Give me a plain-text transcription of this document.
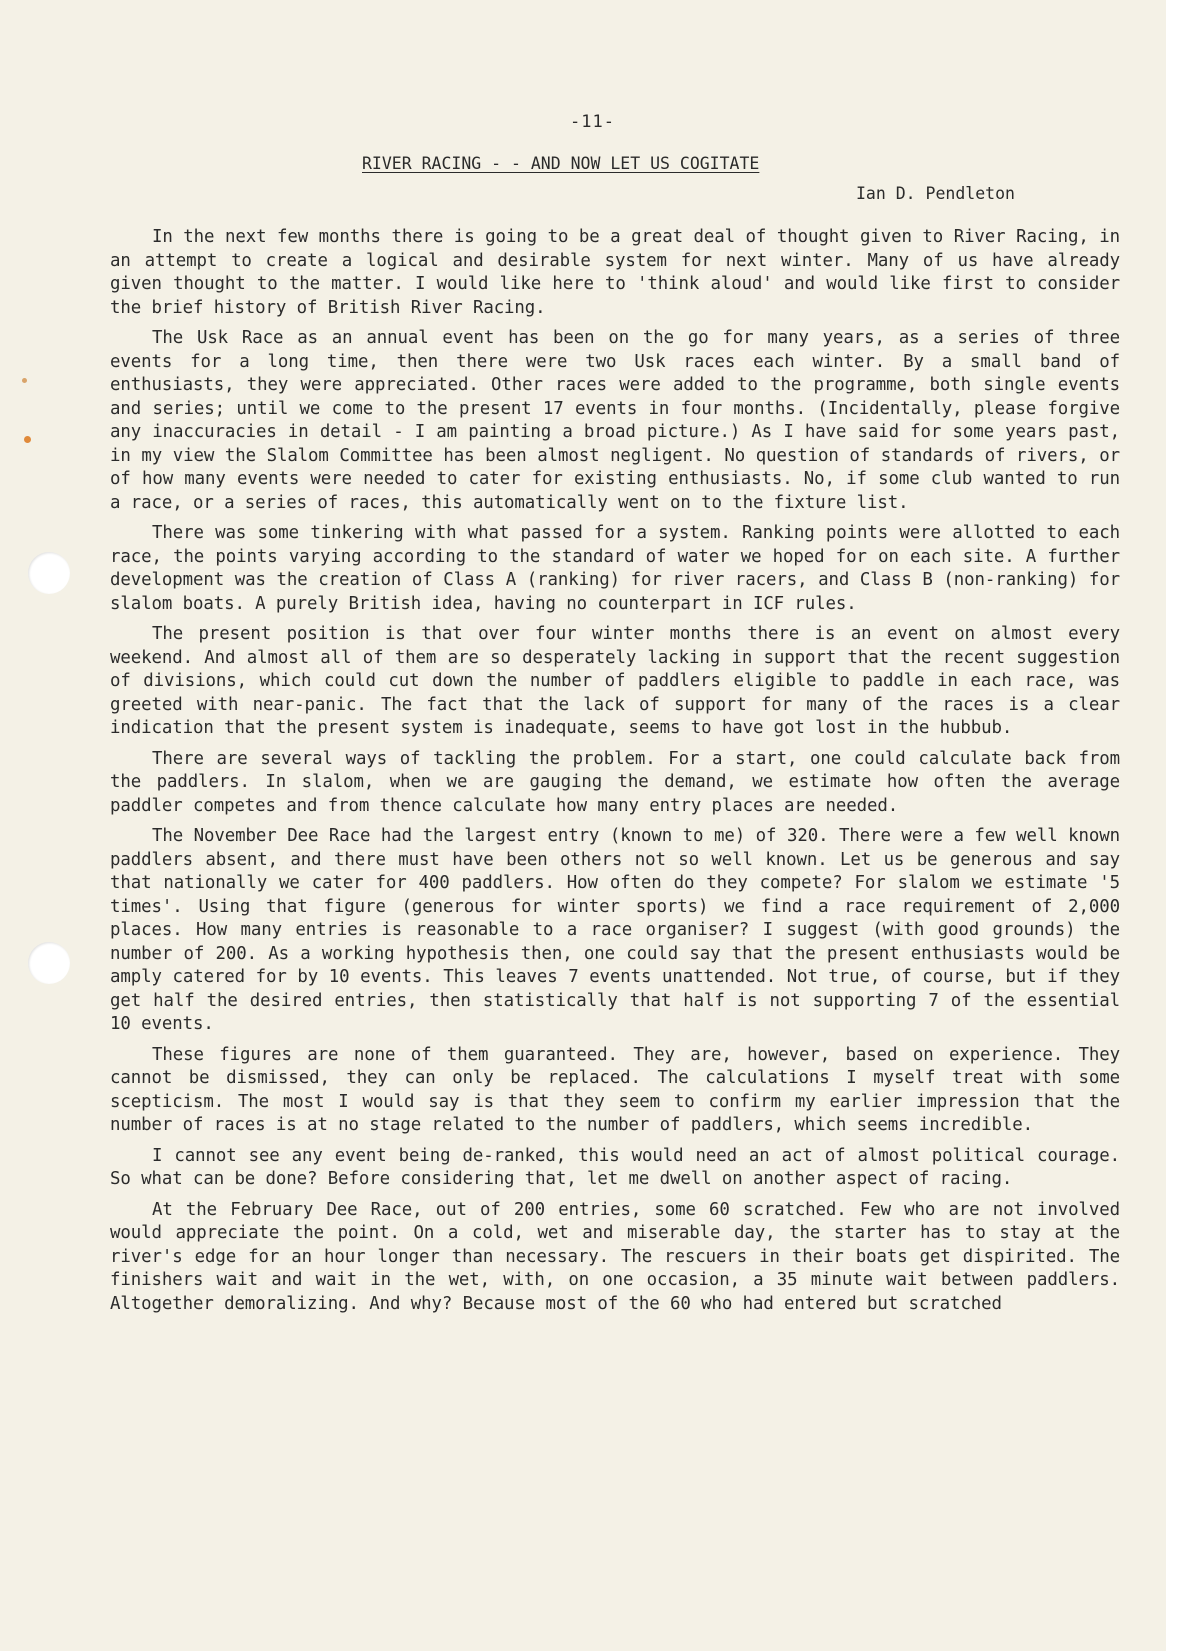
-11-
RIVER RACING - - AND NOW LET US COGITATE
Ian D. Pendleton

In the next few months there is going to be a great deal of thought given to River Racing, in an attempt to create a logical and desirable system for next winter. Many of us have already given thought to the matter. I would like here to 'think aloud' and would like first to consider the brief history of British River Racing.

The Usk Race as an annual event has been on the go for many years, as a series of three events for a long time, then there were two Usk races each winter. By a small band of enthusiasts, they were appreciated. Other races were added to the programme, both single events and series; until we come to the present 17 events in four months. (Incidentally, please forgive any inaccuracies in detail - I am painting a broad picture.) As I have said for some years past, in my view the Slalom Committee has been almost negligent. No question of standards of rivers, or of how many events were needed to cater for existing enthusiasts. No, if some club wanted to run a race, or a series of races, this automatically went on to the fixture list.

There was some tinkering with what passed for a system. Ranking points were allotted to each race, the points varying according to the standard of water we hoped for on each site. A further development was the creation of Class A (ranking) for river racers, and Class B (non-ranking) for slalom boats. A purely British idea, having no counterpart in ICF rules.

The present position is that over four winter months there is an event on almost every weekend. And almost all of them are so desperately lacking in support that the recent suggestion of divisions, which could cut down the number of paddlers eligible to paddle in each race, was greeted with near-panic. The fact that the lack of support for many of the races is a clear indication that the present system is inadequate, seems to have got lost in the hubbub.

There are several ways of tackling the problem. For a start, one could calculate back from the paddlers. In slalom, when we are gauging the demand, we estimate how often the average paddler competes and from thence calculate how many entry places are needed.

The November Dee Race had the largest entry (known to me) of 320. There were a few well known paddlers absent, and there must have been others not so well known. Let us be generous and say that nationally we cater for 400 paddlers. How often do they compete? For slalom we estimate '5 times'. Using that figure (generous for winter sports) we find a race requirement of 2,000 places. How many entries is reasonable to a race organiser? I suggest (with good grounds) the number of 200. As a working hypothesis then, one could say that the present enthusiasts would be amply catered for by 10 events. This leaves 7 events unattended. Not true, of course, but if they get half the desired entries, then statistically that half is not supporting 7 of the essential 10 events.

These figures are none of them guaranteed. They are, however, based on experience. They cannot be dismissed, they can only be replaced. The calculations I myself treat with some scepticism. The most I would say is that they seem to confirm my earlier impression that the number of races is at no stage related to the number of paddlers, which seems incredible.

I cannot see any event being de-ranked, this would need an act of almost political courage. So what can be done? Before considering that, let me dwell on another aspect of racing.

At the February Dee Race, out of 200 entries, some 60 scratched. Few who are not involved would appreciate the point. On a cold, wet and miserable day, the starter has to stay at the river's edge for an hour longer than necessary. The rescuers in their boats get dispirited. The finishers wait and wait in the wet, with, on one occasion, a 35 minute wait between paddlers. Altogether demoralizing. And why? Because most of the 60 who had entered but scratched
